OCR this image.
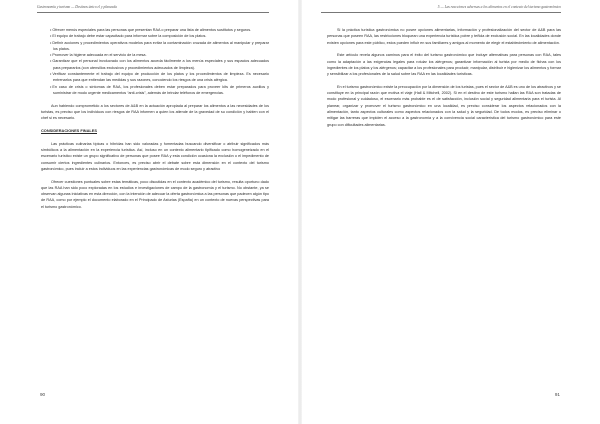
Gastronomía y turismo — Destinos único el y planeada
• Ofrecer menús especiales para las personas que presentan RAA o preparar una lista de alimentos sustitutos y seguros.
• El equipo de trabajo debe estar capacitado para informar sobre la composición de los platos.
• Definir acciones y procedimientos operativos modelos para evitar la contaminación cruzada de alimentos al manipular y preparar los platos.
• Promover la higiene adecuada en el servicio de la mesa.
• Garantizar que el personal involucrado con los alimentos acceda fácilmente a los menús especiales y sus espacios adecuados para prepararlos (con utensilios exclusivos y procedimientos adecuados de limpieza).
• Verificar constantemente el trabajo del equipo de producción de los platos y los procedimientos de limpieza. Es necesario entrenarlos para que entiendan las medidas y sus razones, conociendo los riesgos de una crisis alérgica.
• En caso de crisis o síntomas de RAA, los profesionales deben estar preparados para proveer kits de primeros auxilios y suministrar de modo urgente medicamentos “anti-crisis”, además de brindar teléfonos de emergencias.

Aun habiendo comprometido a los sectores de A&B en la actuación apropiada al preparar los alimentos a las necesidades de los turistas, es preciso que los individuos con riesgos de RAA informen a quien los atiende de la gravedad de su condición y hablen con el chef si es necesario.

CONSIDERACIONES FINALES

Las prácticas culinarias típicas o híbridas han sido valoradas y fomentadas buscando diversificar o atribuir significados más simbólicos a la alimentación en la experiencia turística. Así, incluso en un contexto alimentario tipificado como homogeneizado en el escenario turístico existe un grupo significativo de personas que posee RAA y esta condición ocasiona la exclusión o el impedimento de consumir ciertos ingredientes culinarios. Entonces, es preciso abrir el debate sobre esta dimensión en el contexto del turismo gastronómico, pues incluir a estos individuos en las experiencias gastronómicas de modo seguro y atractivo

Ofrecer cuestiones puntuales sobre estas temáticas, poco discutidas en el contexto académico del turismo, resulta oportuno dado que las RAA han sido poco exploradas en los estudios e investigaciones de campo de la gastronomía y el turismo. No obstante, ya se observan algunas iniciativas en esta dirección, con la intención de adecuar la oferta gastronómica a las personas que padecen algún tipo de RAA, como por ejemplo el documento elaborado en el Principado de Asturias (España) en un contexto de nuevas perspectivas para el turismo gastronómico.

90
5 — Las reacciones adversas a los alimentos en el contexto del turismo gastronómico

Si la práctica turística gastronómica no posee opciones alimentarias, información y profesionalización del sector de A&B para las personas que poseen RAA, las restricciones bloquean una experiencia turística pobre y teñida de exclusión social. En las localidades donde existen opciones para este público, estos pueden influir en sus familiares y amigos al momento de elegir el establecimiento de alimentación.

Este artículo revela algunos caminos para el éxito del turismo gastronómico que incluye alternativas para personas con RAA, tales como la adaptación a las exigencias legales para rotular los alérgenos; garantizar información al turista por medio de fichas con los ingredientes de los platos y los alérgenos; capacitar a los profesionales para producir, manipular, distribuir e higienizar los alimentos y formar y sensibilizar a los profesionales de la salud sobre las RAA en las localidades turísticas.

En el turismo gastronómico existe la preocupación por la dimensión de los turistas, pues el sector de A&B es uno de los atractivos y se constituye en la principal razón que motiva el viaje (Hall & Mitchell, 2002). Si en el destino de este turismo hallan las RAA son tratadas de modo profesional y cuidadoso, el escenario más probable es el de satisfacción, inclusión social y seguridad alimentaria para el turista. Al planear, organizar y promover el turismo gastronómico en una localidad, es preciso considerar los aspectos relacionados con la alimentación, tanto aspectos culturales como aspectos relacionados con la salud y la seguridad. De todos modos, es preciso eliminar o mitigar las barreras que impiden el acceso a la gastronomía y a la convivencia social característica del turismo gastronómico para este grupo con dificultades alimentarias.

91
